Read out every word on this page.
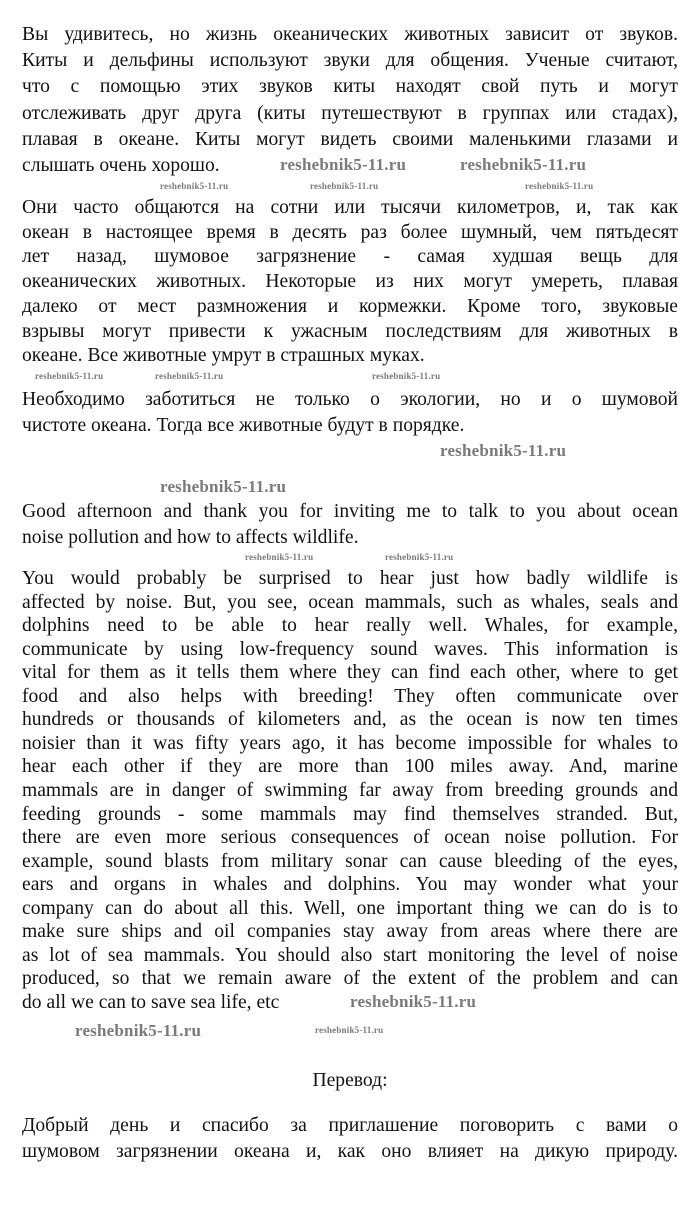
Вы удивитесь, но жизнь океанических животных зависит от звуков.
Киты и дельфины используют звуки для общения. Ученые считают,
что с помощью этих звуков киты находят свой путь и могут
отслеживать друг друга (киты путешествуют в группах или стадах),
плавая в океане. Киты могут видеть своими маленькими глазами и
слышать очень хорошо.
Они часто общаются на сотни или тысячи километров, и, так как
океан в настоящее время в десять раз более шумный, чем пятьдесят
лет назад, шумовое загрязнение - самая худшая вещь для
океанических животных. Некоторые из них могут умереть, плавая
далеко от мест размножения и кормежки. Кроме того, звуковые
взрывы могут привести к ужасным последствиям для животных в
океане. Все животные умрут в страшных муках.
Необходимо заботиться не только о экологии, но и о шумовой
чистоте океана. Тогда все животные будут в порядке.
Good afternoon and thank you for inviting me to talk to you about ocean
noise pollution and how to affects wildlife.
You would probably be surprised to hear just how badly wildlife is
affected by noise. But, you see, ocean mammals, such as whales, seals and
dolphins need to be able to hear really well. Whales, for example,
communicate by using low-frequency sound waves. This information is
vital for them as it tells them where they can find each other, where to get
food and also helps with breeding! They often communicate over
hundreds or thousands of kilometers and, as the ocean is now ten times
noisier than it was fifty years ago, it has become impossible for whales to
hear each other if they are more than 100 miles away. And, marine
mammals are in danger of swimming far away from breeding grounds and
feeding grounds - some mammals may find themselves stranded. But,
there are even more serious consequences of ocean noise pollution. For
example, sound blasts from military sonar can cause bleeding of the eyes,
ears and organs in whales and dolphins. You may wonder what your
company can do about all this. Well, one important thing we can do is to
make sure ships and oil companies stay away from areas where there are
as lot of sea mammals. You should also start monitoring the level of noise
produced, so that we remain aware of the extent of the problem and can
do all we can to save sea life, etc
Перевод:
Добрый день и спасибо за приглашение поговорить с вами о
шумовом загрязнении океана и, как оно влияет на дикую природу.
reshebnik5-11.ru	reshebnik5-11.ru
reshebnik5-11.ru	reshebnik5-11.ru	reshebnik5-11.ru
reshebnik5-11.ru	reshebnik5-11.ru	reshebnik5-11.ru
reshebnik5-11.ru
reshebnik5-11.ru
reshebnik5-11.ru	reshebnik5-11.ru
reshebnik5-11.ru
reshebnik5-11.ru	reshebnik5-11.ru
